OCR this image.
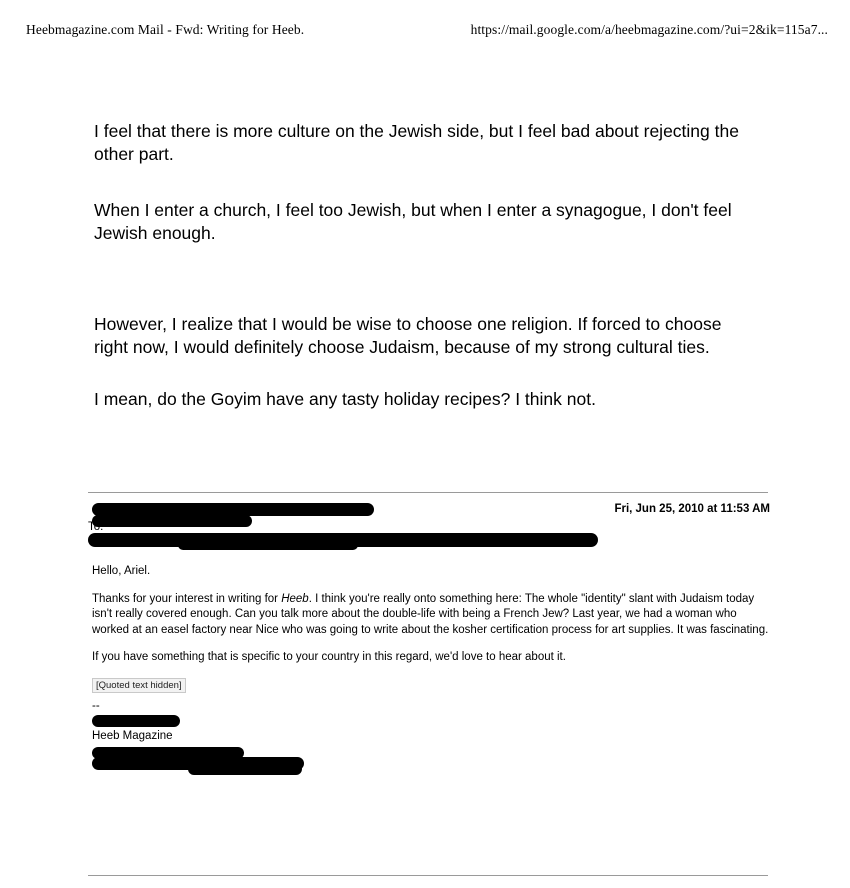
Heebmagazine.com Mail - Fwd: Writing for Heeb.	https://mail.google.com/a/heebmagazine.com/?ui=2&ik=115a7...

I feel that there is more culture on the Jewish side, but I feel bad about rejecting the other part.

When I enter a church, I feel too Jewish, but when I enter a synagogue, I don't feel Jewish enough.

However, I realize that I would be wise to choose one religion. If forced to choose right now, I would definitely choose Judaism, because of my strong cultural ties.

I mean, do the Goyim have any tasty holiday recipes? I think not.

To:
Fri, Jun 25, 2010 at 11:53 AM

Hello, Ariel.

Thanks for your interest in writing for Heeb. I think you're really onto something here: The whole "identity" slant with Judaism today isn't really covered enough. Can you talk more about the double-life with being a French Jew? Last year, we had a woman who worked at an easel factory near Nice who was going to write about the kosher certification process for art supplies. It was fascinating.

If you have something that is specific to your country in this regard, we'd love to hear about it.

[Quoted text hidden]
--
Heeb Magazine
